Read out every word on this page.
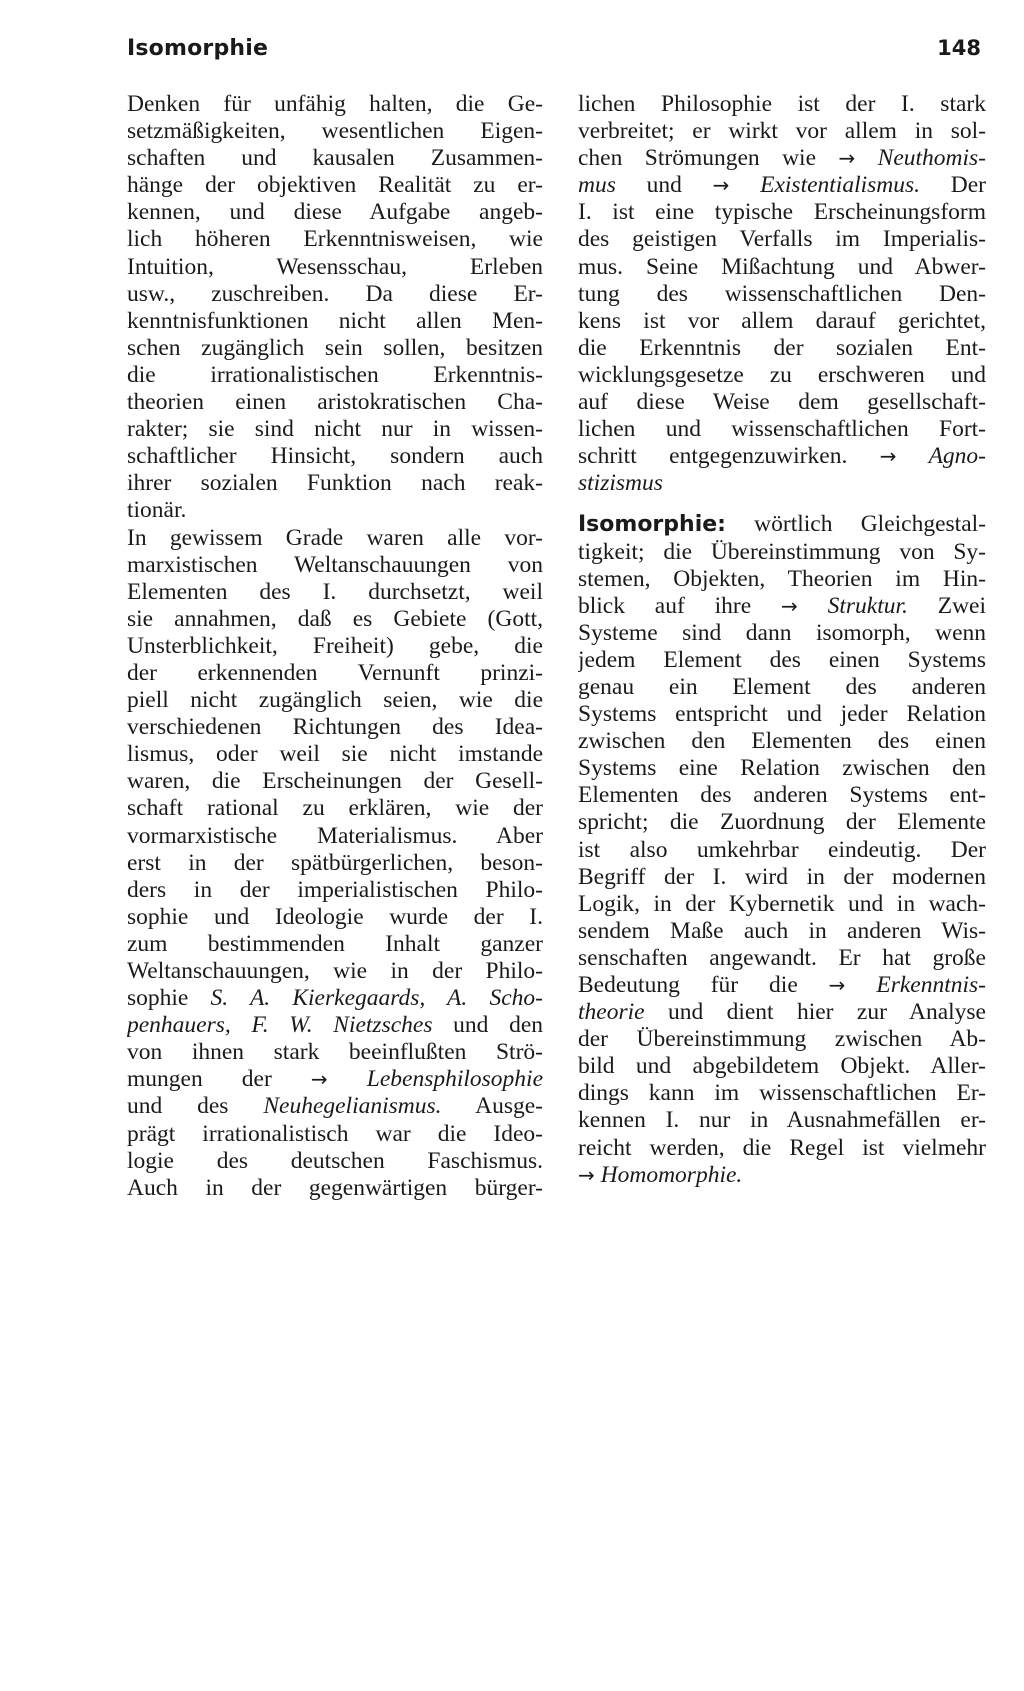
Isomorphie	148
Denken für unfähig halten, die Ge-
setzmäßigkeiten, wesentlichen Eigen-
schaften und kausalen Zusammen-
hänge der objektiven Realität zu er-
kennen, und diese Aufgabe angeb-
lich höheren Erkenntnisweisen, wie
Intuition, Wesensschau, Erleben
usw., zuschreiben. Da diese Er-
kenntnisfunktionen nicht allen Men-
schen zugänglich sein sollen, besitzen
die irrationalistischen Erkenntnis-
theorien einen aristokratischen Cha-
rakter; sie sind nicht nur in wissen-
schaftlicher Hinsicht, sondern auch
ihrer sozialen Funktion nach reak-
tionär.
In gewissem Grade waren alle vor-
marxistischen Weltanschauungen von
Elementen des I. durchsetzt, weil
sie annahmen, daß es Gebiete (Gott,
Unsterblichkeit, Freiheit) gebe, die
der erkennenden Vernunft prinzi-
piell nicht zugänglich seien, wie die
verschiedenen Richtungen des Idea-
lismus, oder weil sie nicht imstande
waren, die Erscheinungen der Gesell-
schaft rational zu erklären, wie der
vormarxistische Materialismus. Aber
erst in der spätbürgerlichen, beson-
ders in der imperialistischen Philo-
sophie und Ideologie wurde der I.
zum bestimmenden Inhalt ganzer
Weltanschauungen, wie in der Philo-
sophie S. A. Kierkegaards, A. Scho-
penhauers, F. W. Nietzsches und den
von ihnen stark beeinflußten Strö-
mungen der → Lebensphilosophie
und des Neuhegelianismus. Ausge-
prägt irrationalistisch war die Ideo-
logie des deutschen Faschismus.
Auch in der gegenwärtigen bürger-
lichen Philosophie ist der I. stark
verbreitet; er wirkt vor allem in sol-
chen Strömungen wie → Neuthomis-
mus und → Existentialismus. Der
I. ist eine typische Erscheinungsform
des geistigen Verfalls im Imperialis-
mus. Seine Mißachtung und Abwer-
tung des wissenschaftlichen Den-
kens ist vor allem darauf gerichtet,
die Erkenntnis der sozialen Ent-
wicklungsgesetze zu erschweren und
auf diese Weise dem gesellschaft-
lichen und wissenschaftlichen Fort-
schritt entgegenzuwirken. → Agno-
stizismus
Isomorphie: wörtlich Gleichgestal-
tigkeit; die Übereinstimmung von Sy-
stemen, Objekten, Theorien im Hin-
blick auf ihre → Struktur. Zwei
Systeme sind dann isomorph, wenn
jedem Element des einen Systems
genau ein Element des anderen
Systems entspricht und jeder Relation
zwischen den Elementen des einen
Systems eine Relation zwischen den
Elementen des anderen Systems ent-
spricht; die Zuordnung der Elemente
ist also umkehrbar eindeutig. Der
Begriff der I. wird in der modernen
Logik, in der Kybernetik und in wach-
sendem Maße auch in anderen Wis-
senschaften angewandt. Er hat große
Bedeutung für die → Erkenntnis-
theorie und dient hier zur Analyse
der Übereinstimmung zwischen Ab-
bild und abgebildetem Objekt. Aller-
dings kann im wissenschaftlichen Er-
kennen I. nur in Ausnahmefällen er-
reicht werden, die Regel ist vielmehr
→ Homomorphie.
